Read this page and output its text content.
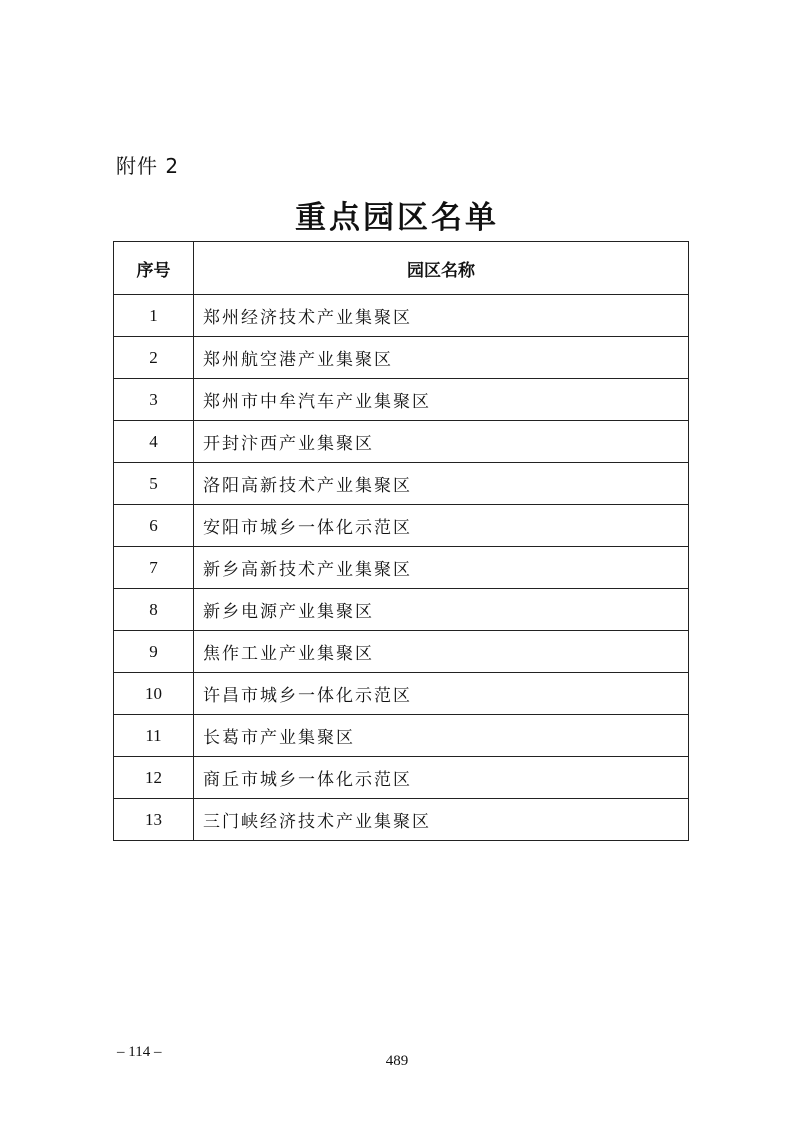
附件 2
重点园区名单
序号	园区名称
1	郑州经济技术产业集聚区
2	郑州航空港产业集聚区
3	郑州市中牟汽车产业集聚区
4	开封汴西产业集聚区
5	洛阳高新技术产业集聚区
6	安阳市城乡一体化示范区
7	新乡高新技术产业集聚区
8	新乡电源产业集聚区
9	焦作工业产业集聚区
10	许昌市城乡一体化示范区
11	长葛市产业集聚区
12	商丘市城乡一体化示范区
13	三门峡经济技术产业集聚区
– 114 –
489
